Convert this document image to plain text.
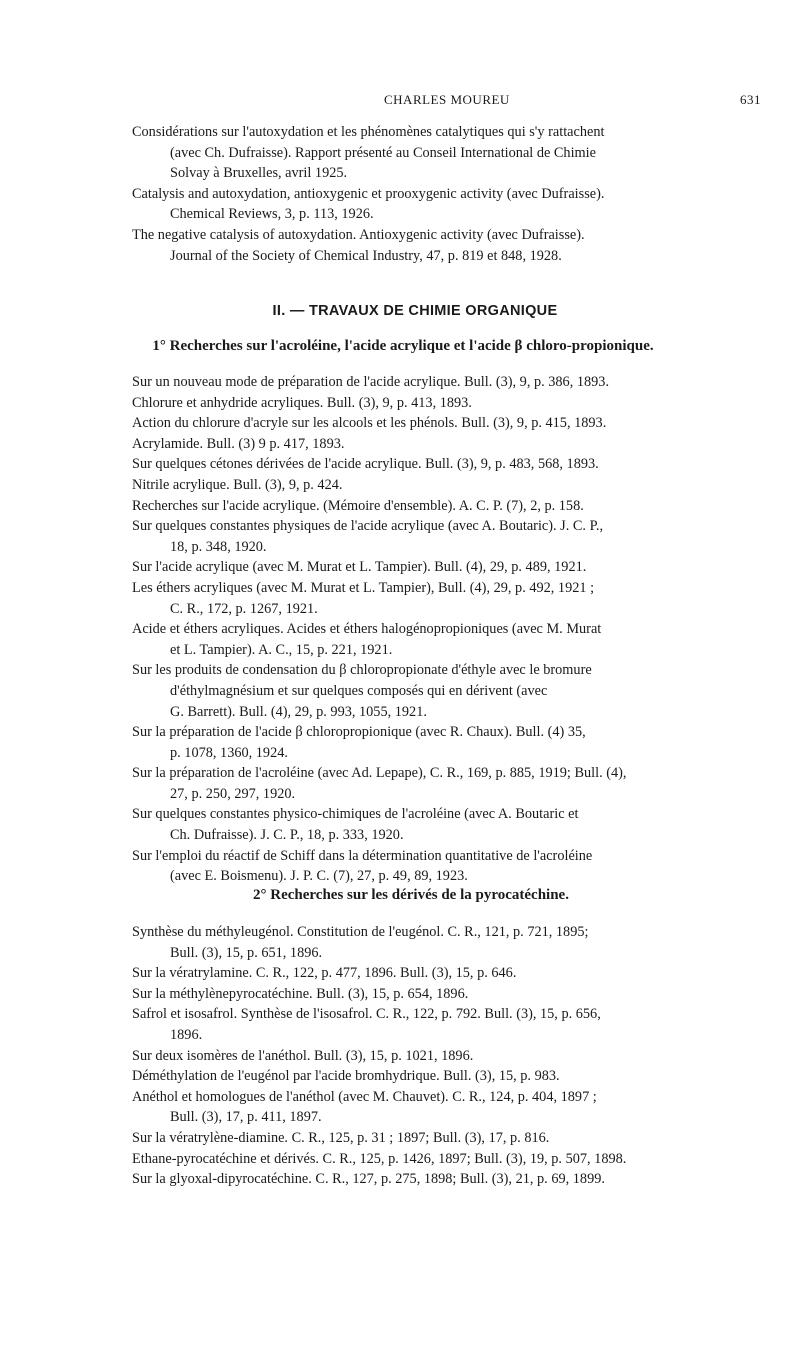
CHARLES MOUREU	631

Considérations sur l'autoxydation et les phénomènes catalytiques qui s'y rattachent
(avec Ch. Dufraisse). Rapport présenté au Conseil International de Chimie
Solvay à Bruxelles, avril 1925.

Catalysis and autoxydation, antioxygenic et prooxygenic activity (avec Dufraisse).
Chemical Reviews, 3, p. 113, 1926.

The negative catalysis of autoxydation. Antioxygenic activity (avec Dufraisse).
Journal of the Society of Chemical Industry, 47, p. 819 et 848, 1928.

II. — TRAVAUX DE CHIMIE ORGANIQUE
1° Recherches sur l'acroléine, l'acide acrylique et l'acide β chloro-propionique.

Sur un nouveau mode de préparation de l'acide acrylique. Bull. (3), 9, p. 386, 1893.

Chlorure et anhydride acryliques. Bull. (3), 9, p. 413, 1893.

Action du chlorure d'acryle sur les alcools et les phénols. Bull. (3), 9, p. 415, 1893.

Acrylamide. Bull. (3) 9 p. 417, 1893.

Sur quelques cétones dérivées de l'acide acrylique. Bull. (3), 9, p. 483, 568, 1893.

Nitrile acrylique. Bull. (3), 9, p. 424.

Recherches sur l'acide acrylique. (Mémoire d'ensemble). A. C. P. (7), 2, p. 158.

Sur quelques constantes physiques de l'acide acrylique (avec A. Boutaric). J. C. P.,
18, p. 348, 1920.

Sur l'acide acrylique (avec M. Murat et L. Tampier). Bull. (4), 29, p. 489, 1921.

Les éthers acryliques (avec M. Murat et L. Tampier), Bull. (4), 29, p. 492, 1921 ;
C. R., 172, p. 1267, 1921.

Acide et éthers acryliques. Acides et éthers halogénopropioniques (avec M. Murat
et L. Tampier). A. C., 15, p. 221, 1921.

Sur les produits de condensation du β chloropropionate d'éthyle avec le bromure
d'éthylmagnésium et sur quelques composés qui en dérivent (avec
G. Barrett). Bull. (4), 29, p. 993, 1055, 1921.

Sur la préparation de l'acide β chloropropionique (avec R. Chaux). Bull. (4) 35,
p. 1078, 1360, 1924.

Sur la préparation de l'acroléine (avec Ad. Lepape), C. R., 169, p. 885, 1919; Bull. (4),
27, p. 250, 297, 1920.

Sur quelques constantes physico-chimiques de l'acroléine (avec A. Boutaric et
Ch. Dufraisse). J. C. P., 18, p. 333, 1920.

Sur l'emploi du réactif de Schiff dans la détermination quantitative de l'acroléine
(avec E. Boismenu). J. P. C. (7), 27, p. 49, 89, 1923.

2° Recherches sur les dérivés de la pyrocatéchine.

Synthèse du méthyleugénol. Constitution de l'eugénol. C. R., 121, p. 721, 1895;
Bull. (3), 15, p. 651, 1896.

Sur la vératrylamine. C. R., 122, p. 477, 1896. Bull. (3), 15, p. 646.

Sur la méthylènepyrocatéchine. Bull. (3), 15, p. 654, 1896.

Safrol et isosafrol. Synthèse de l'isosafrol. C. R., 122, p. 792. Bull. (3), 15, p. 656,
1896.

Sur deux isomères de l'anéthol. Bull. (3), 15, p. 1021, 1896.

Déméthylation de l'eugénol par l'acide bromhydrique. Bull. (3), 15, p. 983.

Anéthol et homologues de l'anéthol (avec M. Chauvet). C. R., 124, p. 404, 1897 ;
Bull. (3), 17, p. 411, 1897.

Sur la vératrylène-diamine. C. R., 125, p. 31 ; 1897; Bull. (3), 17, p. 816.

Ethane-pyrocatéchine et dérivés. C. R., 125, p. 1426, 1897; Bull. (3), 19, p. 507, 1898.

Sur la glyoxal-dipyrocatéchine. C. R., 127, p. 275, 1898; Bull. (3), 21, p. 69, 1899.
